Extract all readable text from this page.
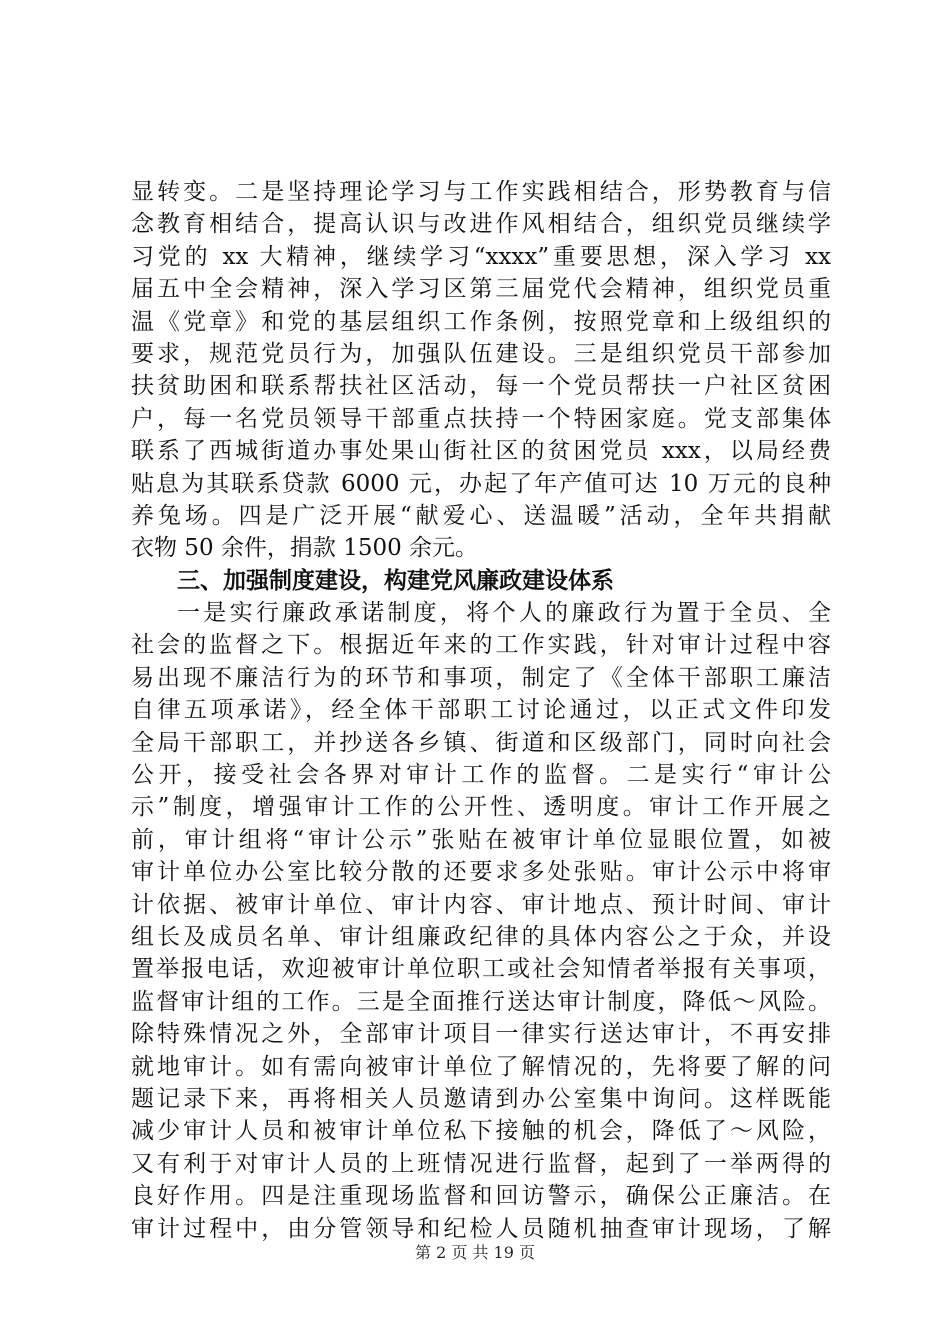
显转变。二是坚持理论学习与工作实践相结合，形势教育与信
念教育相结合，提高认识与改进作风相结合，组织党员继续学
习党的 xx 大精神，继续学习“xxxx”重要思想，深入学习 xx
届五中全会精神，深入学习区第三届党代会精神，组织党员重
温《党章》和党的基层组织工作条例，按照党章和上级组织的
要求，规范党员行为，加强队伍建设。三是组织党员干部参加
扶贫助困和联系帮扶社区活动，每一个党员帮扶一户社区贫困
户，每一名党员领导干部重点扶持一个特困家庭。党支部集体
联系了西城街道办事处果山街社区的贫困党员 xxx，以局经费
贴息为其联系贷款 6000 元，办起了年产值可达 10 万元的良种
养兔场。四是广泛开展“献爱心、送温暖”活动，全年共捐献
衣物 50 余件，捐款 1500 余元。
三、加强制度建设，构建党风廉政建设体系
一是实行廉政承诺制度，将个人的廉政行为置于全员、全
社会的监督之下。根据近年来的工作实践，针对审计过程中容
易出现不廉洁行为的环节和事项，制定了《全体干部职工廉洁
自律五项承诺》，经全体干部职工讨论通过，以正式文件印发
全局干部职工，并抄送各乡镇、街道和区级部门，同时向社会
公开，接受社会各界对审计工作的监督。二是实行“审计公
示”制度，增强审计工作的公开性、透明度。审计工作开展之
前，审计组将“审计公示”张贴在被审计单位显眼位置，如被
审计单位办公室比较分散的还要求多处张贴。审计公示中将审
计依据、被审计单位、审计内容、审计地点、预计时间、审计
组长及成员名单、审计组廉政纪律的具体内容公之于众，并设
置举报电话，欢迎被审计单位职工或社会知情者举报有关事项，
监督审计组的工作。三是全面推行送达审计制度，降低～风险。
除特殊情况之外，全部审计项目一律实行送达审计，不再安排
就地审计。如有需向被审计单位了解情况的，先将要了解的问
题记录下来，再将相关人员邀请到办公室集中询问。这样既能
减少审计人员和被审计单位私下接触的机会，降低了～风险，
又有利于对审计人员的上班情况进行监督，起到了一举两得的
良好作用。四是注重现场监督和回访警示，确保公正廉洁。在
审计过程中，由分管领导和纪检人员随机抽查审计现场，了解
第 2 页 共 19 页
